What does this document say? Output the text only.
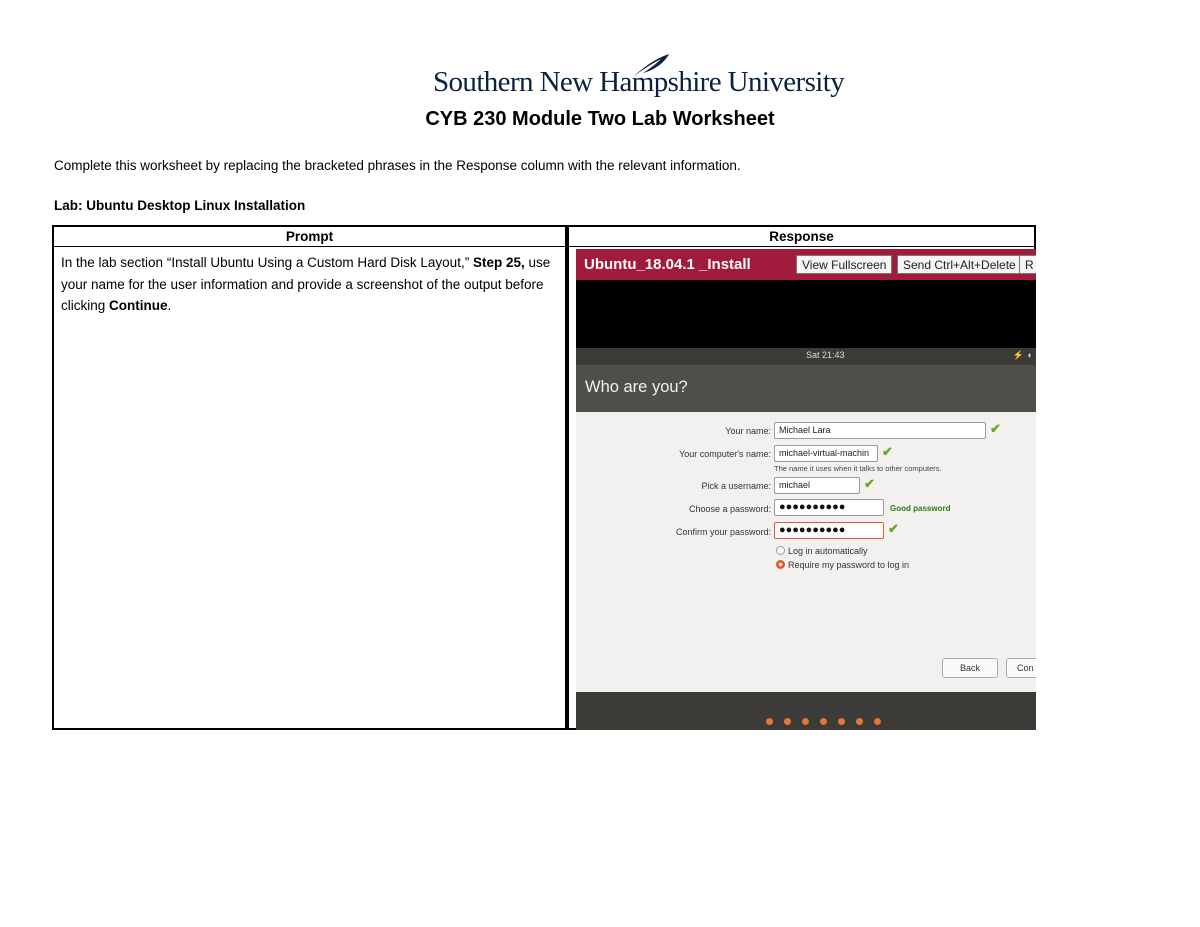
Southern New Hampshire University
CYB 230 Module Two Lab Worksheet
Complete this worksheet by replacing the bracketed phrases in the Response column with the relevant information.
Lab: Ubuntu Desktop Linux Installation
Prompt	Response
In the lab section “Install Ubuntu Using a Custom Hard Disk Layout,” Step 25, use your name for the user information and provide a screenshot of the output before clicking Continue.
Ubuntu_18.04.1 _Install	View Fullscreen	Send Ctrl+Alt+Delete R
Sat 21:43	⚡ ◖
Who are you?
Your name: Michael Lara	✔
Your computer's name: michael-virtual-machin ✔
The name it uses when it talks to other computers.
Pick a username: michael	✔
Choose a password: ●●●●●●●●●●	Good password
Confirm your password: ●●●●●●●●●●	✔
Log in automatically
Require my password to log in
Back	Con
